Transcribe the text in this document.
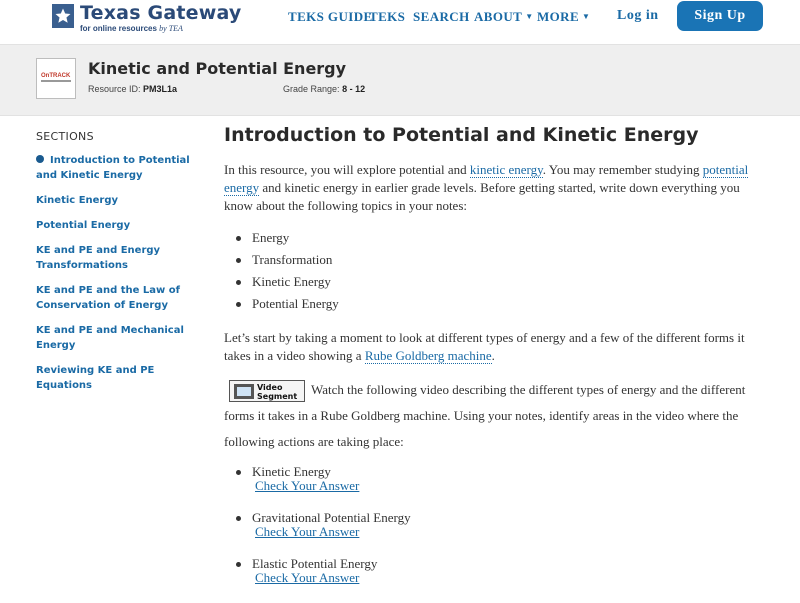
Texas Gateway
for online resources by TEA
TEKS GUIDE
TEKS SEARCH ABOUT ▼ MORE ▼ Log in	Sign Up
OnTRACK Kinetic and Potential Energy
Resource ID: PM3L1a	Grade Range: 8 - 12
SECTIONS
Introduction to Potential and Kinetic Energy
Kinetic Energy
Potential Energy
KE and PE and Energy Transformations
KE and PE and the Law of Conservation of Energy
KE and PE and Mechanical Energy
Reviewing KE and PE Equations
Introduction to Potential and Kinetic Energy

In this resource, you will explore potential and kinetic energy. You may remember studying potential energy and kinetic energy in earlier grade levels. Before getting started, write down everything you know about the following topics in your notes:

Energy
Transformation
Kinetic Energy
Potential Energy

Let’s start by taking a moment to look at different types of energy and a few of the different forms it takes in a video showing a Rube Goldberg machine.

Video
Segment Watch the following video describing the different types of energy and the different forms it takes in a Rube Goldberg machine. Using your notes, identify areas in the video where the following actions are taking place:

Kinetic Energy
Check Your Answer
Gravitational Potential Energy
Check Your Answer
Elastic Potential Energy
Check Your Answer
